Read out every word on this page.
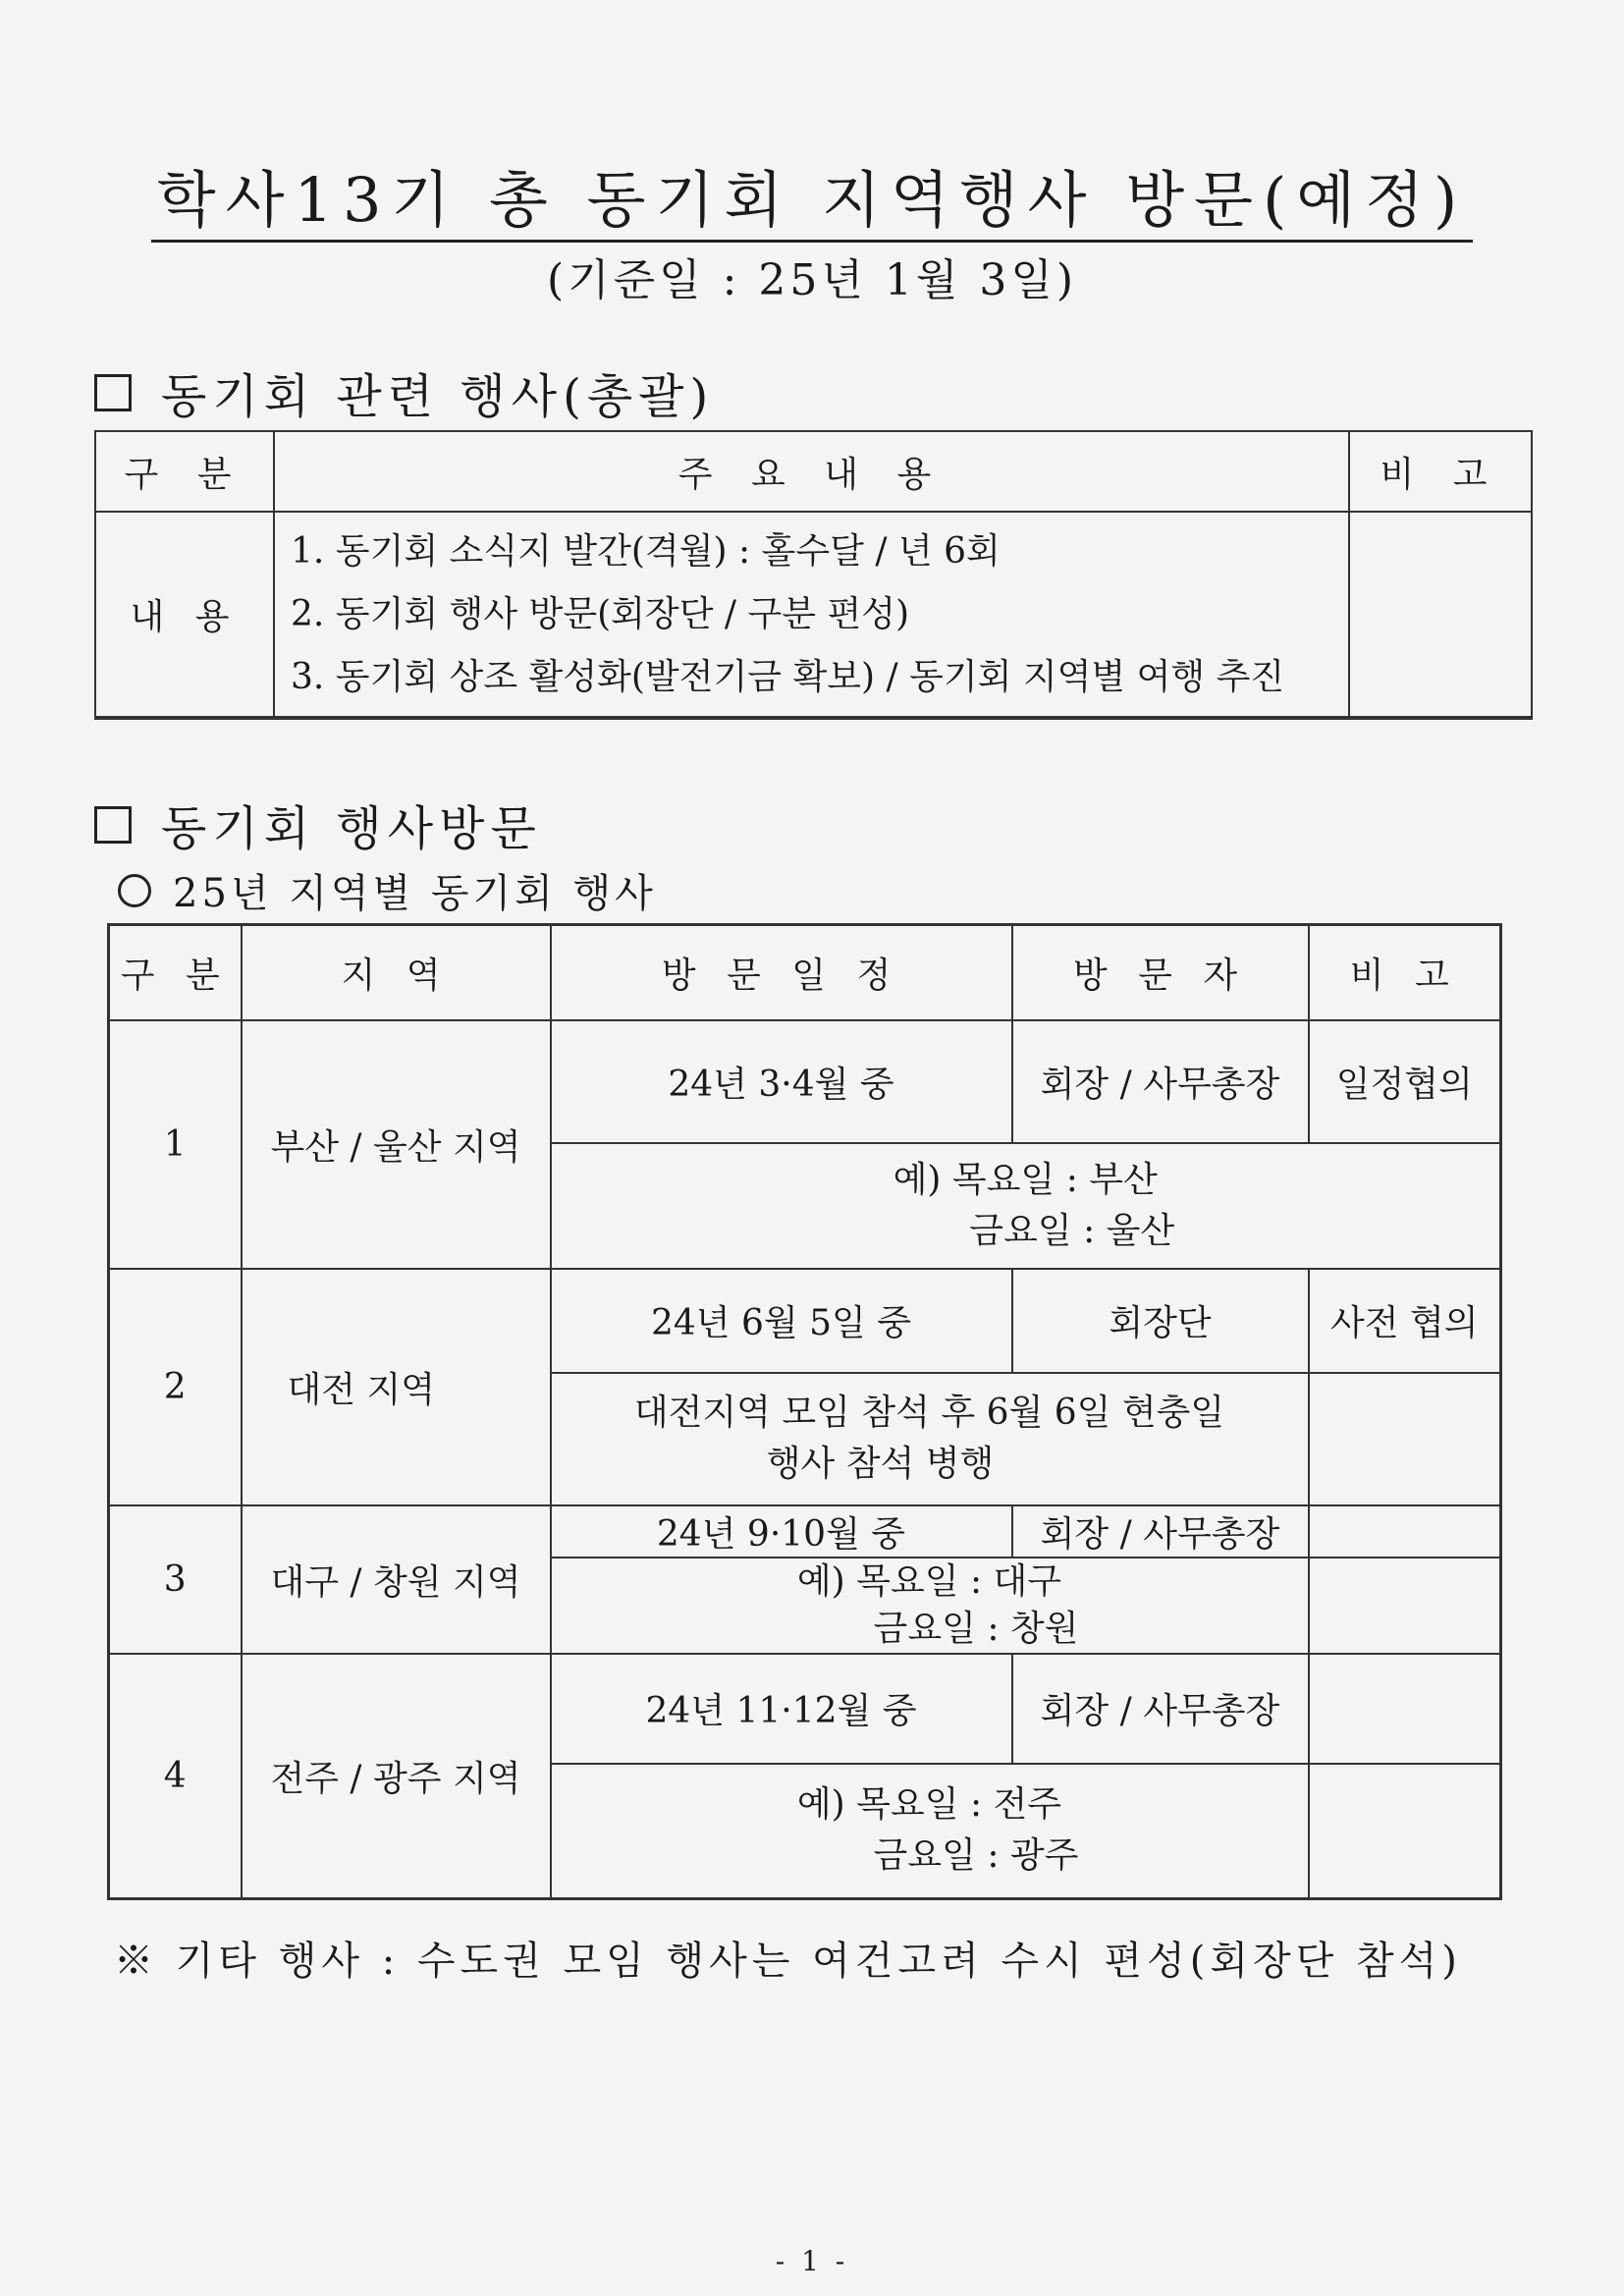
학사13기 총 동기회 지역행사 방문(예정)
(기준일 : 25년 1월 3일)
동기회 관련 행사(총괄)
구 분	주 요 내 용	비 고
내 용	1. 동기회 소식지 발간(격월) : 홀수달 / 년 6회
2. 동기회 행사 방문(회장단 / 구분 편성)
3. 동기회 상조 활성화(발전기금 확보) / 동기회 지역별 여행 추진	

동기회 행사방문
25년 지역별 동기회 행사
구 분	지 역	방 문 일 정	방 문 자	비 고
1	부산 / 울산 지역	24년 3·4월 중	회장 / 사무총장	일정협의

		예) 목요일 : 부산
금요일 : 울산		

2	대전 지역	24년 6월 5일 중	회장단	사전 협의

		대전지역 모임 참석 후 6월 6일 현충일
행사 참석 병행		

3	대구 / 창원 지역	24년 9·10월 중	회장 / 사무총장	

		예) 목요일 : 대구
금요일 : 창원		

4	전주 / 광주 지역	24년 11·12월 중	회장 / 사무총장	

		예) 목요일 : 전주
금요일 : 광주		

※ 기타 행사 : 수도권 모임 행사는 여건고려 수시 편성(회장단 참석)
- 1 -
